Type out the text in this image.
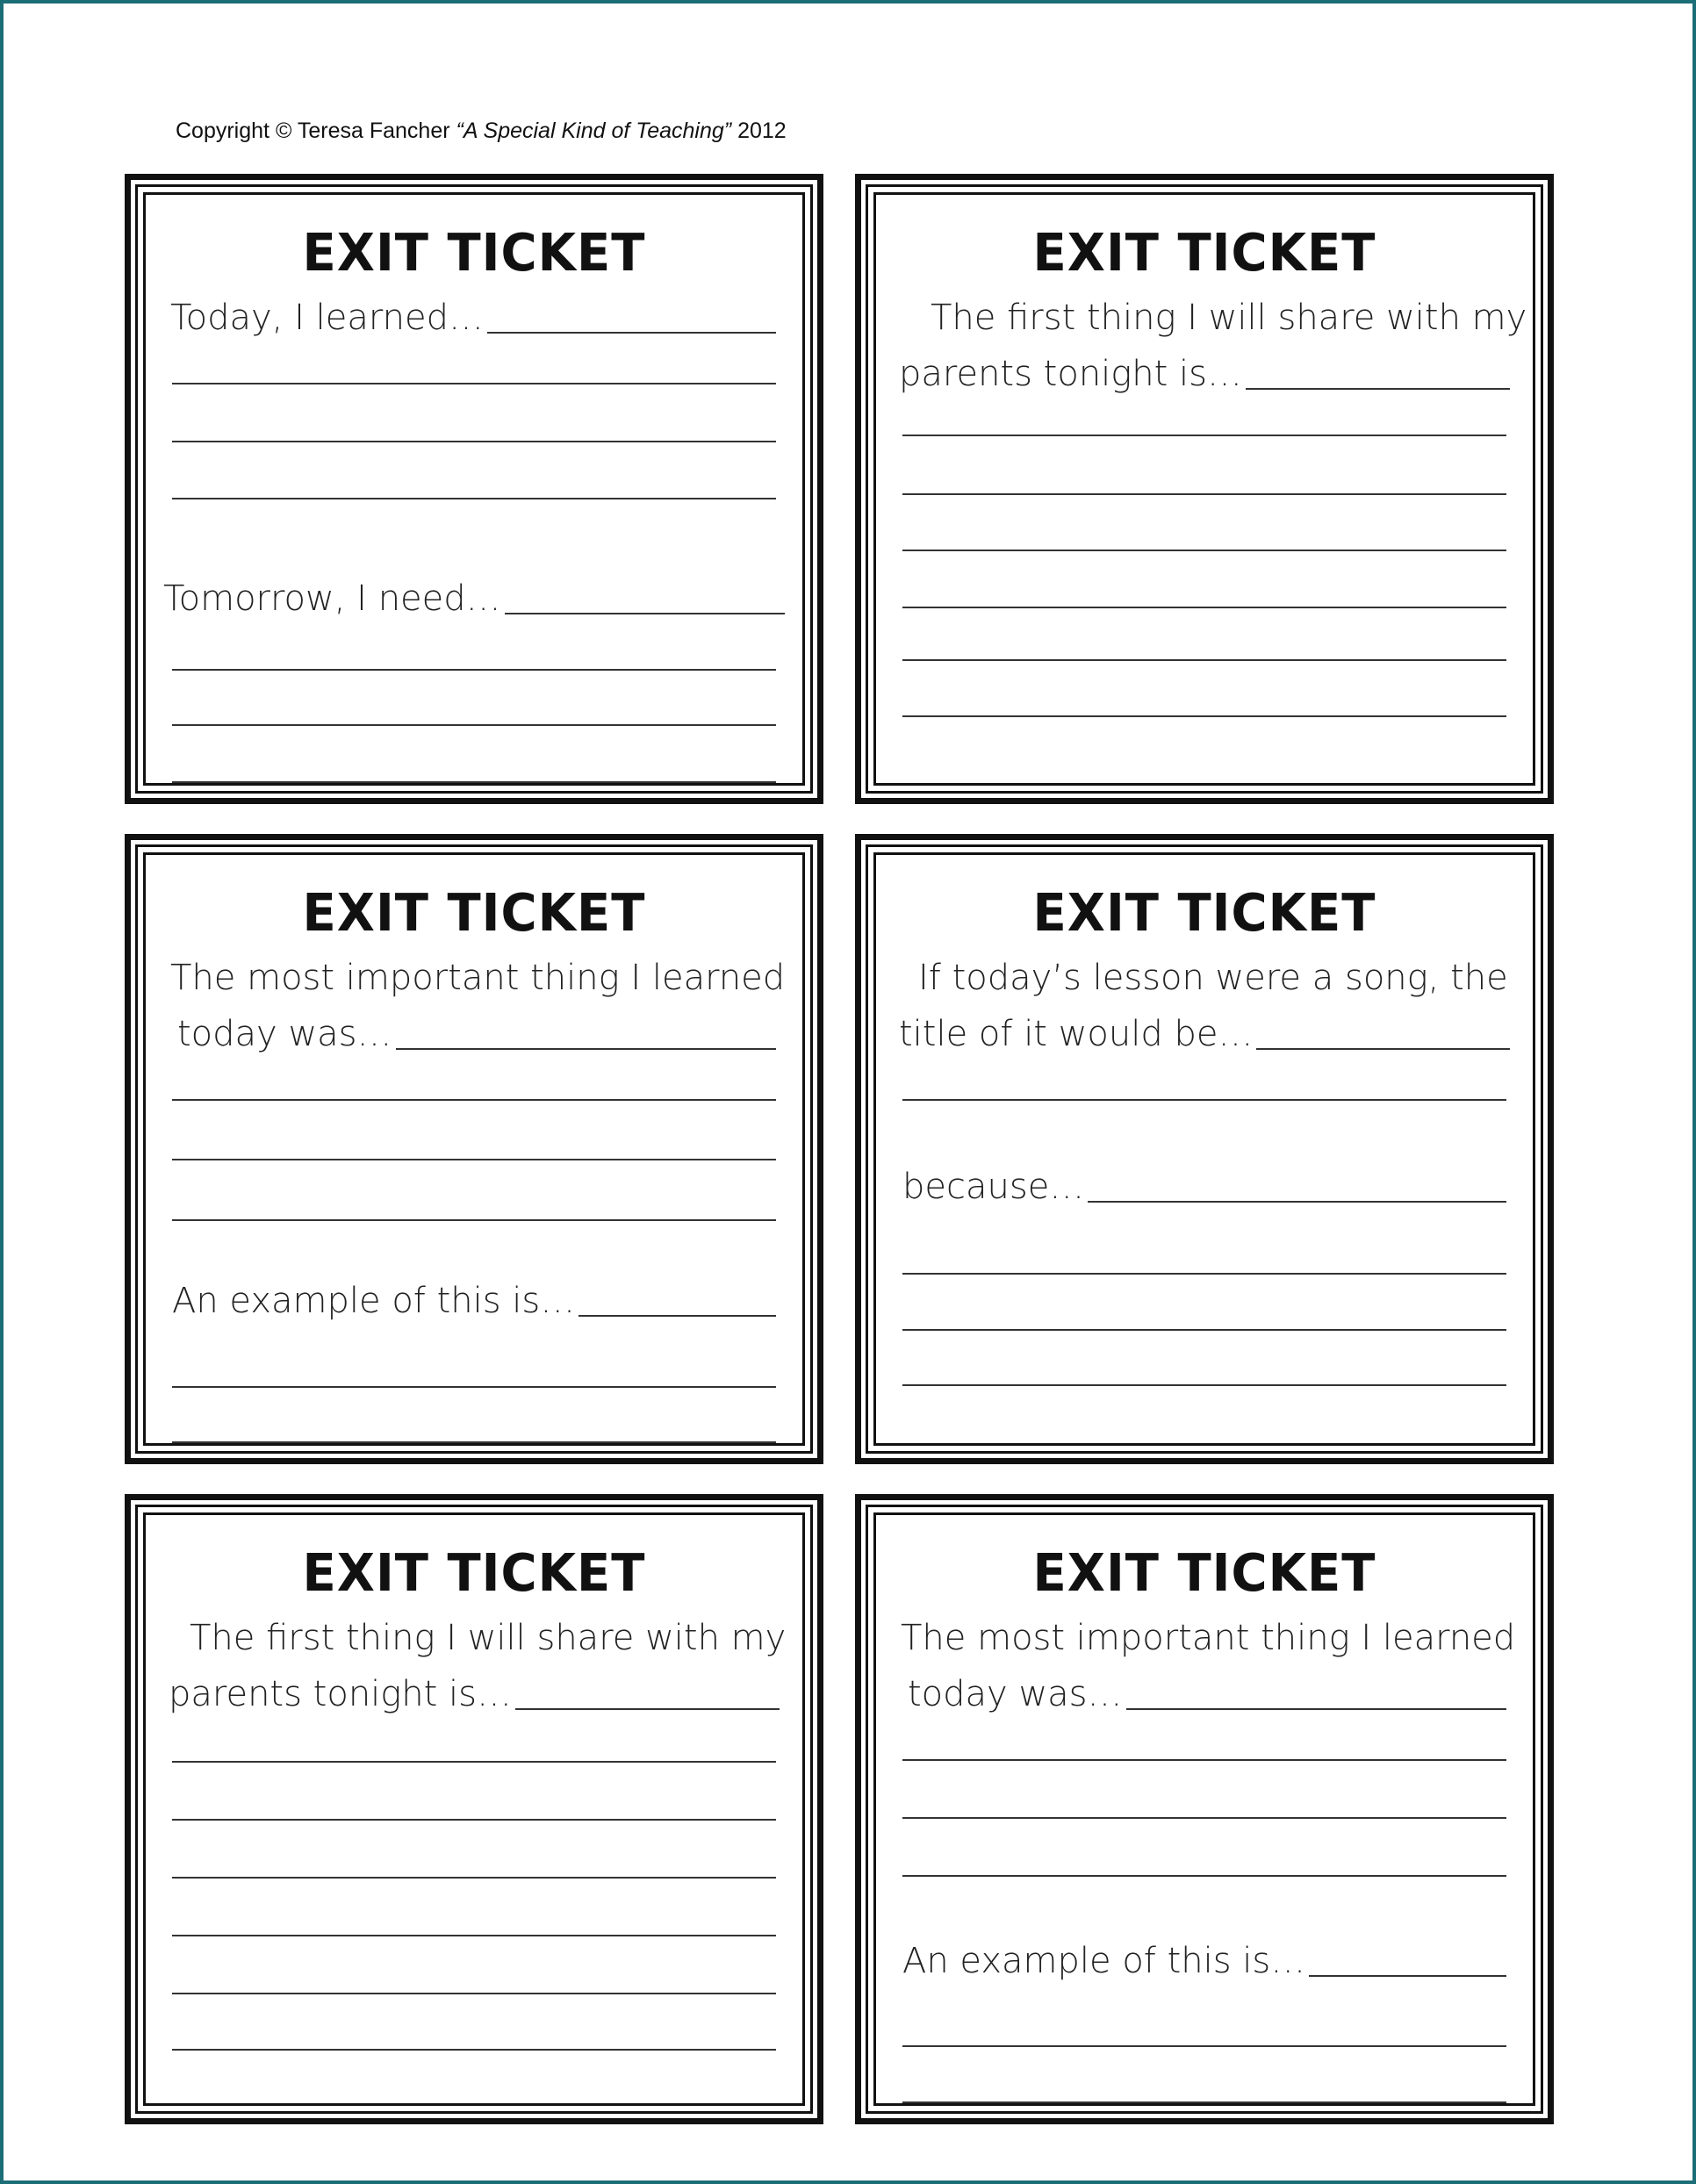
Copyright © Teresa Fancher “A Special Kind of Teaching” 2012
EXIT TICKET
Today, I learned…
Tomorrow, I need…
EXIT TICKET
The first thing I will share with my
parents tonight is…
EXIT TICKET
The most important thing I learned
today was…
An example of this is…
EXIT TICKET
If today’s lesson were a song, the
title of it would be…
because…
EXIT TICKET
The first thing I will share with my
parents tonight is…
EXIT TICKET
The most important thing I learned
today was…
An example of this is…
